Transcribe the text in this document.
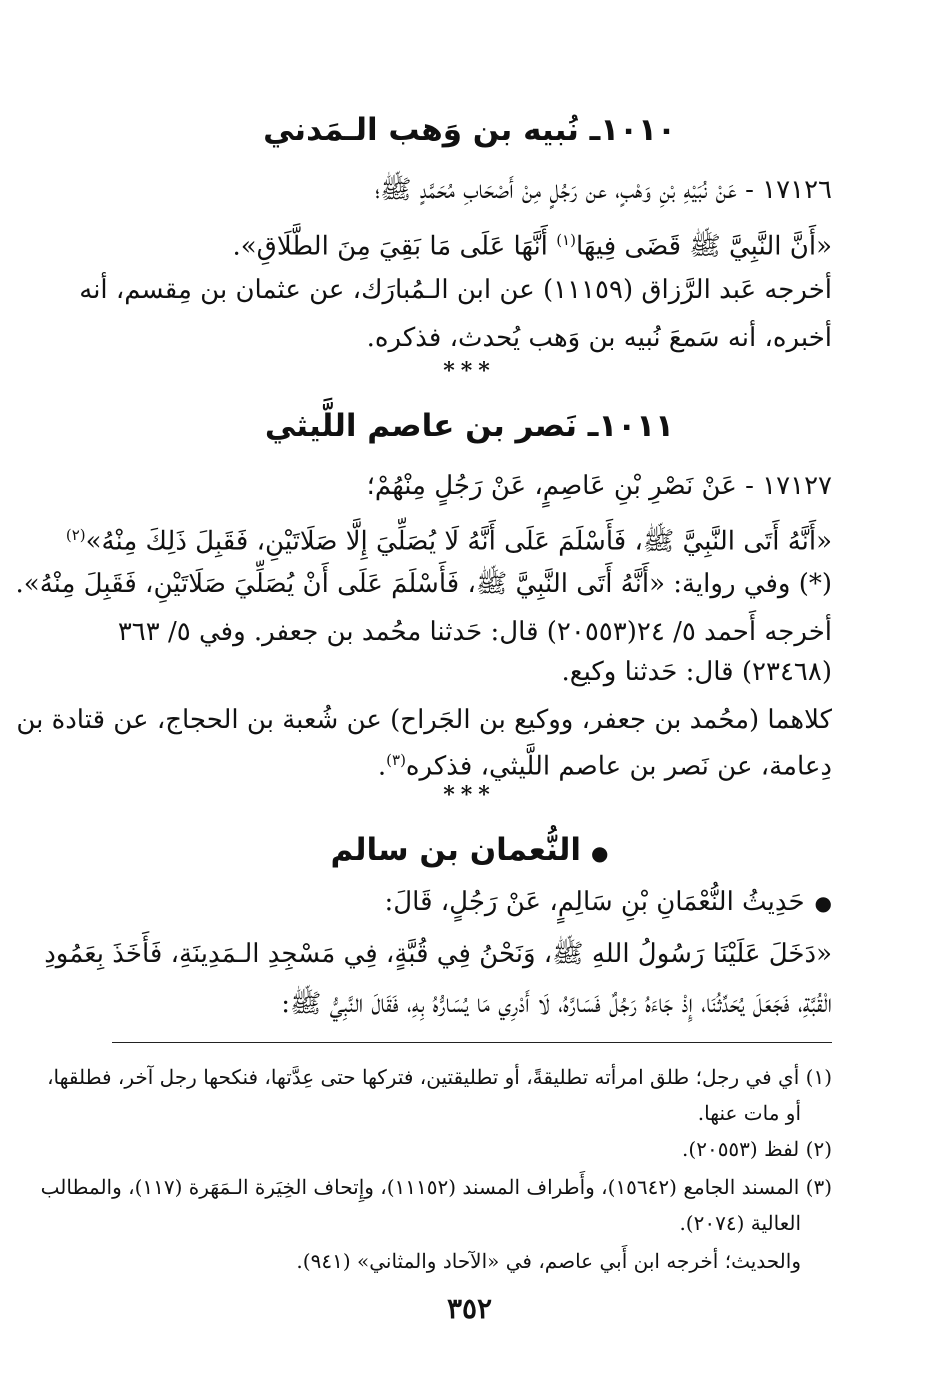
١٠١٠ـ نُبيه بن وَهب الـمَدني
١٧١٢٦ - عَنْ نُبَيْهِ بْنِ وَهْبٍ، عن رَجُلٍ مِنْ أَصْحَابِ مُحَمَّدٍ ﷺ؛
«أَنَّ النَّبِيَّ ﷺ قَضَى فِيهَا$^{(١)}$ أَنَّهَا عَلَى مَا بَقِيَ مِنَ الطَّلَاقِ».
أخرجه عَبد الرَّزاق (١١١٥٩) عن ابن الـمُبارَك، عن عثمان بن مِقسم، أنه
أخبره، أنه سَمعَ نُبيه بن وَهب يُحدث، فذكره.
***
١٠١١ـ نَصر بن عاصم اللَّيثي
١٧١٢٧ - عَنْ نَصْرِ بْنِ عَاصِمٍ، عَنْ رَجُلٍ مِنْهُمْ؛
«أَنَّهُ أَتَى النَّبِيَّ ﷺ، فَأَسْلَمَ عَلَى أَنَّهُ لَا يُصَلِّيَ إِلَّا صَلَاتَيْنِ، فَقَبِلَ ذَلِكَ مِنْهُ»$^{(٢)}$
(*) وفي رواية: «أَنَّهُ أَتَى النَّبِيَّ ﷺ، فَأَسْلَمَ عَلَى أَنْ يُصَلِّيَ صَلَاتَيْنِ، فَقَبِلَ مِنْهُ».
أخرجه أَحمد ٥/ ٢٤(٢٠٥٥٣) قال: حَدثنا محُمد بن جعفر. وفي ٥/ ٣٦٣
(٢٣٤٦٨) قال: حَدثنا وكيع.
كلاهما (محُمد بن جعفر، ووكيع بن الجَراح) عن شُعبة بن الحجاج، عن قتادة بن
دِعامة، عن نَصر بن عاصم اللَّيثي، فذكره$^{(٣)}$.
***
●النُّعمان بن سالم
●حَدِيثُ النُّعْمَانِ بْنِ سَالِمٍ، عَنْ رَجُلٍ، قَالَ:
«دَخَلَ عَلَيْنَا رَسُولُ اللهِ ﷺ، وَنَحْنُ فِي قُبَّةٍ، فِي مَسْجِدِ الـمَدِينَةِ، فَأَخَذَ بِعَمُودِ
الْقُبَّةِ، فَجَعَلَ يُحَدِّثُنَا، إِذْ جَاءَهُ رَجُلٌ فَسَارَّهُ، لَا أَدْرِي مَا يُسَارُّهُ بِهِ، فَقَالَ النَّبِيُّ ﷺ:
(١) أي في رجل؛ طلق امرأته تطليقةً، أو تطليقتين، فتركها حتى عِدَّتها، فنكحها رجل آخر، فطلقها،
أو مات عنها.
(٢) لفظ (٢٠٥٥٣).
(٣) المسند الجامع (١٥٦٤٢)، وأَطراف المسند (١١١٥٢)، وإِتحاف الخِيَرة الـمَهَرة (١١٧)، والمطالب
العالية (٢٠٧٤).
والحديث؛ أخرجه ابن أَبي عاصم، في «الآحاد والمثاني» (٩٤١).
٣٥٢
